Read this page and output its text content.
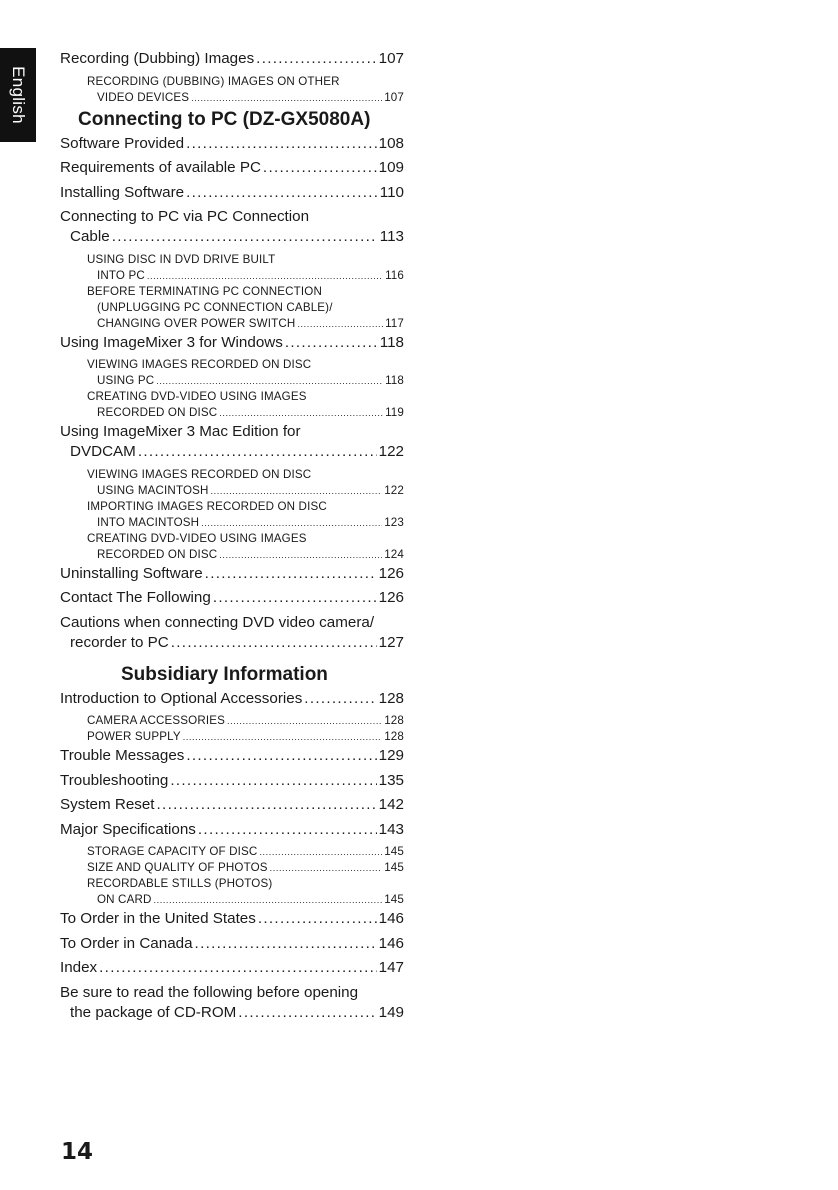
English
Recording (Dubbing) Images .....	107
RECORDING (DUBBING) IMAGES ON OTHER
VIDEO DEVICES .....	107
Connecting to PC (DZ-GX5080A)
Software Provided .....	108
Requirements of available PC .....	109
Installing Software .....	110
Connecting to PC via PC Connection
Cable .....	113
USING DISC IN DVD DRIVE BUILT
INTO PC .....	116
BEFORE TERMINATING PC CONNECTION
(UNPLUGGING PC CONNECTION CABLE)/
CHANGING OVER POWER SWITCH .....	117
Using ImageMixer 3 for Windows .....	118
VIEWING IMAGES RECORDED ON DISC
USING PC .....	118
CREATING DVD-VIDEO USING IMAGES
RECORDED ON DISC .....	119
Using ImageMixer 3 Mac Edition for
DVDCAM .....	122
VIEWING IMAGES RECORDED ON DISC
USING MACINTOSH .....	122
IMPORTING IMAGES RECORDED ON DISC
INTO MACINTOSH .....	123
CREATING DVD-VIDEO USING IMAGES
RECORDED ON DISC .....	124
Uninstalling Software .....	126
Contact The Following .....	126
Cautions when connecting DVD video camera/
recorder to PC .....	127
Subsidiary Information
Introduction to Optional Accessories .....	128
CAMERA ACCESSORIES .....	128
POWER SUPPLY .....	128
Trouble Messages .....	129
Troubleshooting .....	135
System Reset .....	142
Major Specifications .....	143
STORAGE CAPACITY OF DISC .....	145
SIZE AND QUALITY OF PHOTOS .....	145
RECORDABLE STILLS (PHOTOS)
ON CARD .....	145
To Order in the United States .....	146
To Order in Canada .....	146
Index .....	147
Be sure to read the following before opening
the package of CD-ROM .....	149
14
